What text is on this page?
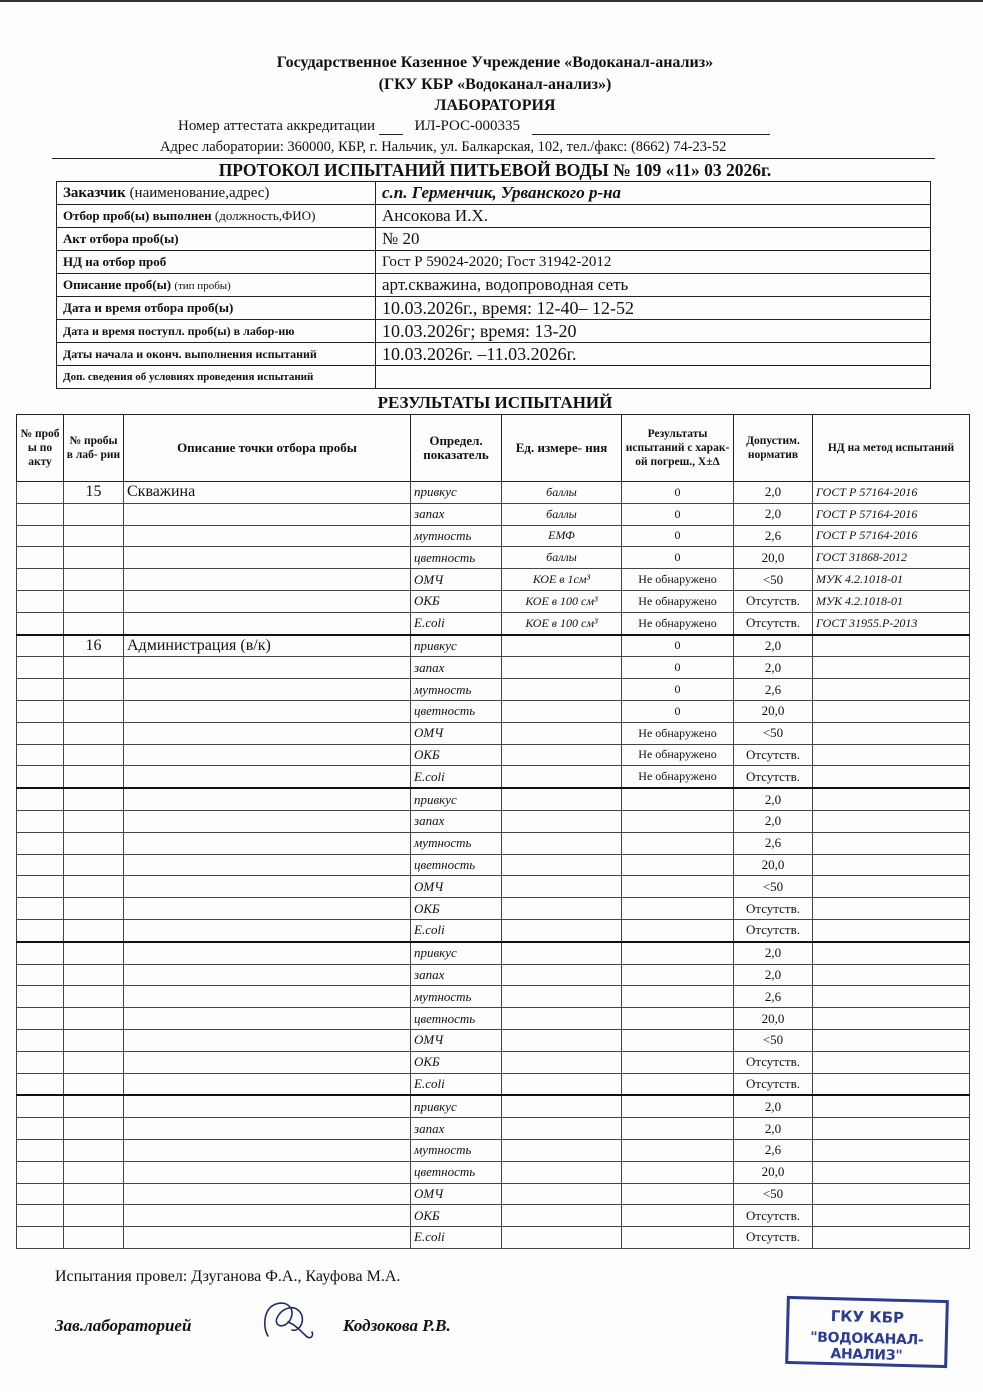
Государственное Казенное Учреждение «Водоканал-анализ»
(ГКУ КБР «Водоканал-анализ»)
ЛАБОРАТОРИЯ
Номер аттестата аккредитации	ИЛ-РОС-000335
Адрес лаборатории: 360000, КБР, г. Нальчик, ул. Балкарская, 102, тел./факс: (8662) 74-23-52
ПРОТОКОЛ ИСПЫТАНИЙ ПИТЬЕВОЙ ВОДЫ № 109 «11» 03 2026г.
Заказчик (наименование,адрес)	с.п. Герменчик, Урванского р-на
Отбор проб(ы) выполнен (должность,ФИО)	Ансокова И.Х.
Акт отбора проб(ы)	№ 20
НД на отбор проб	Гост Р 59024-2020; Гост 31942-2012
Описание проб(ы) (тип пробы)	арт.скважина, водопроводная сеть
Дата и время отбора проб(ы)	10.03.2026г., время: 12-40– 12-52
Дата и время поступл. проб(ы) в лабор-ию	10.03.2026г; время: 13-20
Даты начала и оконч. выполнения испытаний	10.03.2026г. –11.03.2026г.
Доп. сведения об условиях проведения испытаний	
РЕЗУЛЬТАТЫ ИСПЫТАНИЙ
№ проб ы по акту	№ пробы в лаб- рии	Описание точки отбора пробы	Определ. показатель	Ед. измере- ния	Результаты испытаний с харак-ой погреш., Х±Δ	Допустим. норматив	НД на метод испытаний
	15	Скважина	привкус	баллы	0	2,0	ГОСТ Р 57164-2016
			запах	баллы	0	2,0	ГОСТ Р 57164-2016
			мутность	ЕМФ	0	2,6	ГОСТ Р 57164-2016
			цветность	баллы	0	20,0	ГОСТ 31868-2012
			ОМЧ	КОЕ в 1см³	Не обнаружено	<50	МУК 4.2.1018-01
			ОКБ	КОЕ в 100 см³	Не обнаружено	Отсутств.	МУК 4.2.1018-01
			E.coli	КОЕ в 100 см³	Не обнаружено	Отсутств.	ГОСТ 31955.Р-2013
	16	Администрация (в/к)	привкус		0	2,0	
			запах		0	2,0	
			мутность		0	2,6	
			цветность		0	20,0	
			ОМЧ		Не обнаружено	<50	
			ОКБ		Не обнаружено	Отсутств.	
			E.coli		Не обнаружено	Отсутств.	
			привкус			2,0	
			запах			2,0	
			мутность			2,6	
			цветность			20,0	
			ОМЧ			<50	
			ОКБ			Отсутств.	
			E.coli			Отсутств.	
			привкус			2,0	
			запах			2,0	
			мутность			2,6	
			цветность			20,0	
			ОМЧ			<50	
			ОКБ			Отсутств.	
			E.coli			Отсутств.	
			привкус			2,0	
			запах			2,0	
			мутность			2,6	
			цветность			20,0	
			ОМЧ			<50	
			ОКБ			Отсутств.	
			E.coli			Отсутств.	
Испытания провел: Дзуганова Ф.А., Кауфова М.А.
Зав.лабораторией	Кодзокова Р.В.	ГКУ КБР
"ВОДОКАНАЛ-АНАЛИЗ"
